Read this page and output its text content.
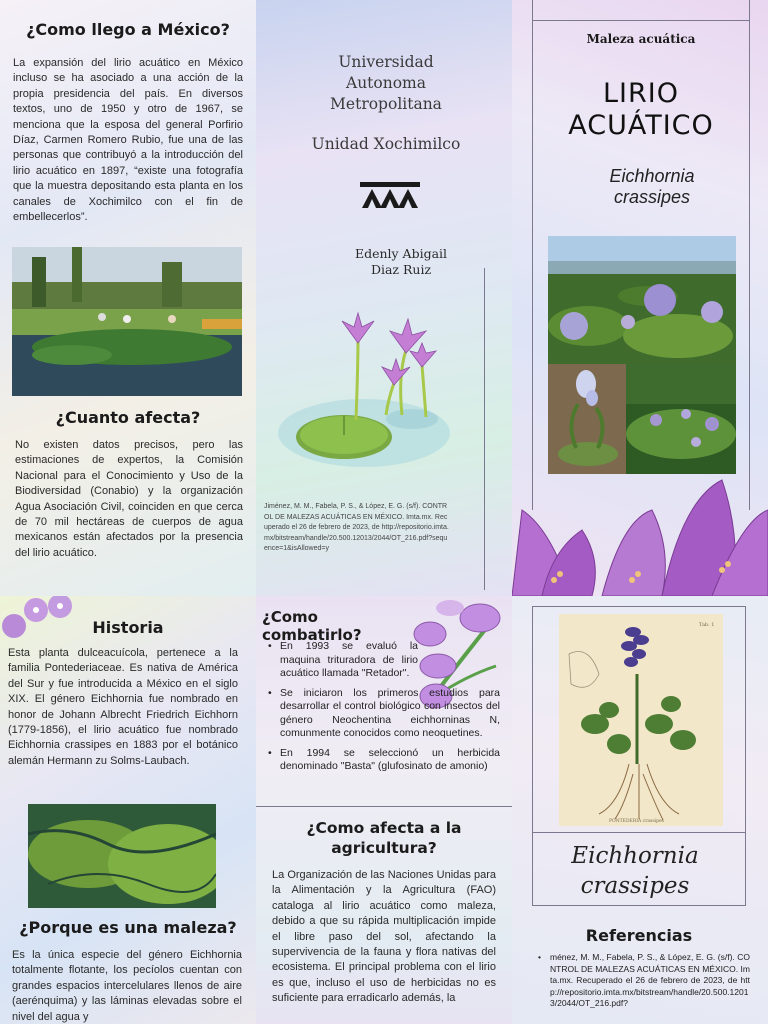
¿Como llego a México?

La expansión del lirio acuático en México incluso se ha asociado a una acción de la propia presidencia del país. En diversos textos, uno de 1950 y otro de 1967, se menciona que la esposa del general Porfirio Díaz, Carmen Romero Rubio, fue una de las personas que contribuyó a la introducción del lirio acuático en 1897, “existe una fotografía que la muestra depositando esta planta en los canales de Xochimilco con el fin de embellecerlos”.

¿Cuanto afecta?

No existen datos precisos, pero las estimaciones de expertos, la Comisión Nacional para el Conocimiento y Uso de la Biodiversidad (Conabio) y la organización Agua Asociación Civil, coinciden en que cerca de 70 mil hectáreas de cuerpos de agua mexicanos están afectados por la presencia del lirio acuático.

Universidad Autonoma Metropolitana
Unidad Xochimilco
Edenly Abigail Diaz Ruiz
Jiménez, M. M., Fabela, P. S., & López, E. G. (s/f). CONTROL DE MALEZAS ACUÁTICAS EN MÉXICO. Imta.mx. Recuperado el 26 de febrero de 2023, de http://repositorio.imta.mx/bitstream/handle/20.500.12013/2044/OT_216.pdf?sequence=1&isAllowed=y
Maleza acuática
LIRIO
ACUÁTICO
Eichhornia crassipes
Historia

Esta planta dulceacuícola, pertenece a la familia Pontederiaceae. Es nativa de América del Sur y fue introducida a México en el siglo XIX. El género Eichhornia fue nombrado en honor de Johann Albrecht Friedrich Eichhorn (1779-1856), el lirio acuático fue nombrado Eichhornia crassipes en 1883 por el botánico alemán Hermann zu Solms-Laubach.

¿Porque es una maleza?

Es la única especie del género Eichhornia totalmente flotante, los pecíolos cuentan con grandes espacios intercelulares llenos de aire (aerénquima) y las láminas elevadas sobre el nivel del agua y

¿Como combatirlo?
• En 1993 se evaluó la maquina trituradora de lirio acuático llamada "Retador".
• Se iniciaron los primeros estudios para desarrollar el control biológico con insectos del género Neochentina eichhorninas N, comunmente conocidos como neoquetines.
• En 1994 se seleccionó un herbicida denominado "Basta" (glufosinato de amonio)
¿Como afecta a la agricultura?

La Organización de las Naciones Unidas para la Alimentación y la Agricultura (FAO) cataloga al lirio acuático como maleza, debido a que su rápida multiplicación impide el libre paso del sol, afectando la supervivencia de la fauna y flora nativas del ecosistema. El principal problema con el lirio es que, incluso el uso de herbicidas no es suficiente para erradicarlo además, la

Tab. 1
PONTEDERIA crassipes
Eichhornia crassipes
Referencias
• ménez, M. M., Fabela, P. S., & López, E. G. (s/f). CONTROL DE MALEZAS ACUÁTICAS EN MÉXICO. Imta.mx. Recuperado el 26 de febrero de 2023, de http://repositorio.imta.mx/bitstream/handle/20.500.12013/2044/OT_216.pdf?
